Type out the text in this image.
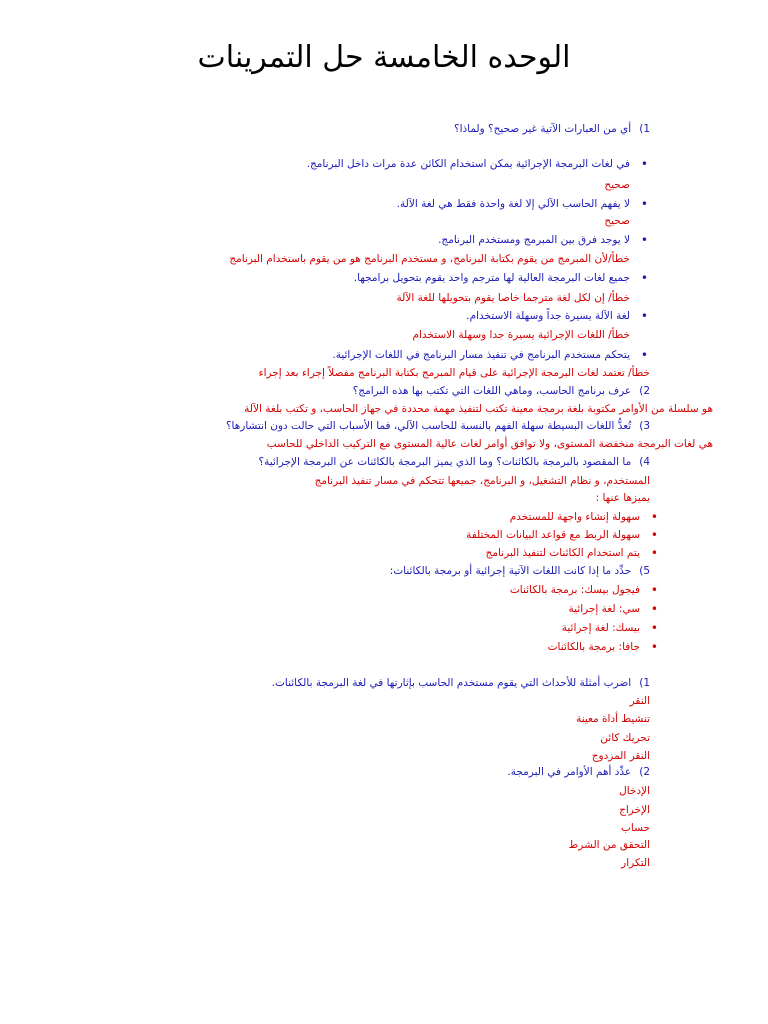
الوحده الخامسة حل التمرينات
1)أي من العبارات الآتية غير صحيح؟ ولماذا؟
• في لغات البرمجة الإجرائية يمكن استخدام الكائن عدة مرات داخل البرنامج.
صحيح
• لا يفهم الحاسب الآلي إلا لغة واحدة فقط هي لغة الآلة.
صحيح
• لا يوجد فرق بين المبرمج ومستخدم البرنامج.
خطأ/لأن المبرمج من يقوم بكتابة البرنامج، و مستخدم البرنامج هو من يقوم باستخدام البرنامج
• جميع لغات البرمجة العالية لها مترجم واحد يقوم بتحويل برامجها.
خطأ/ إن لكل لغة مترجما خاصا يقوم بتحويلها للغة الآلة
• لغة الآلة يسيرة جداً وسهلة الاستخدام.
خطأ/ اللغات الإجرائية يسيرة جدا وسهلة الاستخدام
• يتحكم مستخدم البرنامج في تنفيذ مسار البرنامج في اللغات الإجرائية.
خطأ/ تعتمد لغات البرمجة الإجرائية على قيام المبرمج بكتابة البرنامج مفصلاً إجراء بعد إجراء
2)عرف برنامج الحاسب، وماهي اللغات التي تكتب بها هذه البرامج؟
هو سلسلة من الأوامر مكتوبة بلغة برمجة معينة تكتب لتنفيذ مهمة محددة في جهاز الحاسب، و تكتب بلغة الآلة
3)تُعدُّ اللغات البسيطة سهلة الفهم بالنسبة للحاسب الآلي، فما الأسباب التي حالت دون انتشارها؟
هي لغات البرمجة منخفضة المستوى، ولا توافق أوامر لغات عالية المستوى مع التركيب الداخلي للحاسب
4)ما المقصود بالبرمجة بالكائنات؟ وما الذي يميز البرمجة بالكائنات عن البرمجة الإجرائية؟
المستخدم، و نظام التشغيل، و البرنامج، جميعها تتحكم في مسار تنفيذ البرنامج
يميزها عنها :
• سهولة إنشاء واجهة للمستخدم
• سهولة الربط مع قواعد البيانات المختلفة
• يتم استخدام الكائنات لتنفيذ البرنامج
5)حدِّد ما إذا كانت اللغات الآتية إجرائية أو برمجة بالكائنات:
• فيجول بيسك: برمجة بالكائنات
• سي: لغة إجرائية
• بيسك: لغة إجرائية
• جافا: برمجة بالكائنات
1)اضرب أمثلة للأحداث التي يقوم مستخدم الحاسب بإثارتها في لغة البرمجة بالكائنات.
النقر
تنشيط أداة معينة
تحريك كائن
النقر المزدوج
2)عدِّد أهم الأوامر في البرمجة.
الإدخال
الإخراج
حساب
التحقق من الشرط
التكرار
